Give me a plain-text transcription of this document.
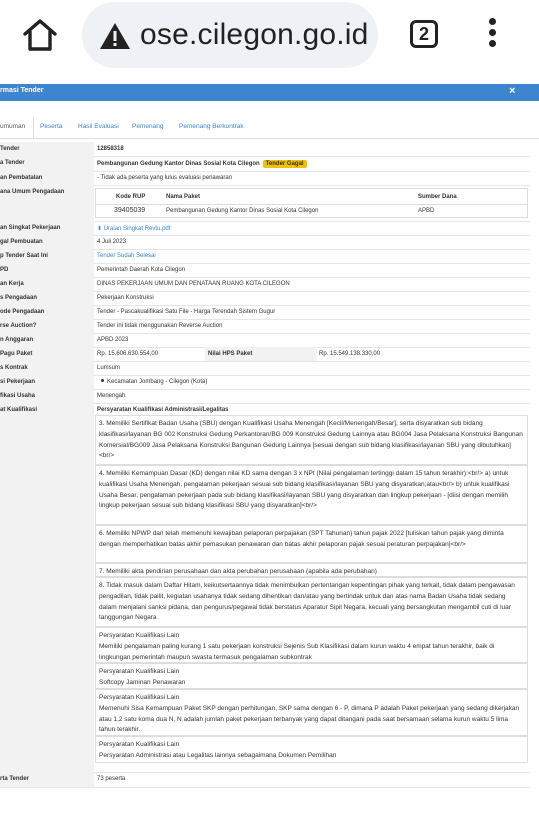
ose.cilegon.go.id	2
rmasi Tender	×
umuman	Peserta Hasil Evaluasi Pemenang Pemenang Berkontrak
Tender	12858318
a Tender	Pembangunan Gedung Kantor Dinas Sosial Kota Cilegon Tender Gagal
an Pembatalan	- Tidak ada peserta yang lulus evaluasi penawaran
ana Umum Pengadaan
Kode RUP	Nama Paket	Sumber Dana
39405039	Pembangunan Gedung Kantor Dinas Sosial Kota Cilegon	APBD
an Singkat Pekerjaan	⬇ Uraian Singkat Revtu.pdf
gal Pembuatan	4 Juli 2023
p Tender Saat Ini	Tender Sudah Selesai
PD	Pemerintah Daerah Kota Cilegon
an Kerja	DINAS PEKERJAAN UMUM DAN PENATAAN RUANG KOTA CILEGON
s Pengadaan	Pekerjaan Konstruksi
ode Pengadaan	Tender - Pascakualifikasi Satu File - Harga Terendah Sistem Gugur
rse Auction?	Tender ini tidak menggunakan Reverse Auction
n Anggaran	APBD 2023
Pagu Paket	Rp. 15.606.630.554,00	Nilai HPS Paket	Rp. 15.549.138.330,00
s Kontrak	Lumsum
si Pekerjaan	Kecamatan Jombang - Cilegon (Kota)
fikasi Usaha	Menengah
at Kualifikasi	Persyaratan Kualifikasi Administrasi/Legalitas
3. Memiliki Sertifikat Badan Usaha (SBU) dengan Kualifikasi Usaha Menengah [Kecil/Menengah/Besar], serta disyaratkan sub bidang klasifikasi/layanan BG 002 Konstruksi Gedung Perkantoran/BG 009 Konstruksi Gedung Lainnya atau BG004 Jasa Pelaksana Konstruksi Bangunan Komersial/BG009 Jasa Pelaksana Konstruksi Bangunan Gedung Lainnya [sesuai dengan sub bidang klasifikasi/layanan SBU yang dibutuhkan]<br/>
4. Memiliki Kemampuan Dasar (KD) dengan nilai KD sama dengan 3 x NPt (Nilai pengalaman tertinggi dalam 15 tahun terakhir):<br/> a) untuk kualifikasi Usaha Menengah, pengalaman pekerjaan sesuai sub bidang klasifikasi/layanan SBU yang disyaratkan;atau<br/> b) untuk kualifikasi Usaha Besar, pengalaman pekerjaan pada sub bidang klasifikasi/layanan SBU yang disyaratkan dan lingkup pekerjaan - [diisi dengan memilih lingkup pekerjaan sesuai sub bidang klasifikasi SBU yang disyaratkan]<br/>
6. Memiliki NPWP dan telah memenuhi kewajiban pelaporan perpajakan (SPT Tahunan) tahun pajak 2022 [tuliskan tahun pajak yang diminta dengan memperhatikan batas akhir pemasukan penawaran dan batas akhir pelaporan pajak sesuai peraturan perpajakan]<br/>
7. Memiliki akta pendirian perusahaan dan akta perubahan perusahaan (apabila ada perubahan)
8. Tidak masuk dalam Daftar Hitam, keikutsertaannya tidak menimbulkan pertentangan kepentingan pihak yang terkait, tidak dalam pengawasan pengadilan, tidak pailit, kegiatan usahanya tidak sedang dihentikan dan/atau yang bertindak untuk dan atas nama Badan Usaha tidak sedang dalam menjalani sanksi pidana, dan pengurus/pegawai tidak berstatus Aparatur Sipil Negara, kecuali yang bersangkutan mengambil cuti di luar tanggungan Negara
Persyaratan Kualifikasi Lain
Memiliki pengalaman paling kurang 1 satu pekerjaan konstruksi Sejenis Sub Klasifikasi dalam kurun waktu 4 empat tahun terakhir, baik di lingkungan pemerintah maupun swasta termasuk pengalaman subkontrak
Persyaratan Kualifikasi Lain
Softcopy Jaminan Penawaran
Persyaratan Kualifikasi Lain
Memenuhi Sisa Kemampuan Paket SKP dengan perhitungan, SKP sama dengan 6 - P, dimana P adalah Paket pekerjaan yang sedang dikerjakan atau 1,2 satu koma dua N, N adalah jumlah paket pekerjaan terbanyak yang dapat ditangani pada saat bersamaan selama kurun waktu 5 lima tahun terakhir.
Persyaratan Kualifikasi Lain
Persyaratan Administrasi atau Legalitas lainnya sebagaimana Dokumen Pemilihan
rta Tender	73 peserta
